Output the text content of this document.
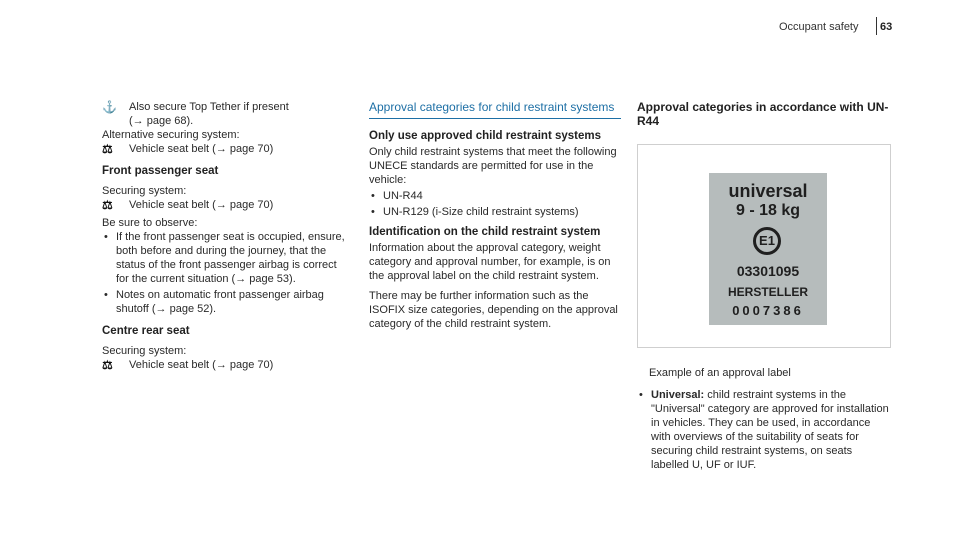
Occupant safety 63
⚓	Also secure Top Tether if present

(→ page 68).

Alternative securing system:

⚖	Vehicle seat belt (→ page 70)
Front passenger seat

Securing system:

⚖	Vehicle seat belt (→ page 70)

Be sure to observe:

• If the front passenger seat is occupied, ensure, both before and during the journey, that the status of the front passenger airbag is correct for the current situation (→ page 53).
• Notes on automatic front passenger airbag shutoff (→ page 52).
Centre rear seat

Securing system:

⚖	Vehicle seat belt (→ page 70)
Approval categories for child restraint systems
Only use approved child restraint systems

Only child restraint systems that meet the following UNECE standards are permitted for use in the vehicle:

• UN-R44
• UN-R129 (i-Size child restraint systems)
Identification on the child restraint system

Information about the approval category, weight category and approval number, for example, is on the approval label on the child restraint system.

There may be further information such as the ISOFIX size categories, depending on the approval category of the child restraint system.

Approval categories in accordance with UN-R44
universal
9 - 18 kg
E1
03301095
HERSTELLER
0007386

Example of an approval label

• Universal: child restraint systems in the "Universal" category are approved for installation in vehicles. They can be used, in accordance with overviews of the suitability of seats for securing child restraint systems, on seats labelled U, UF or IUF.
